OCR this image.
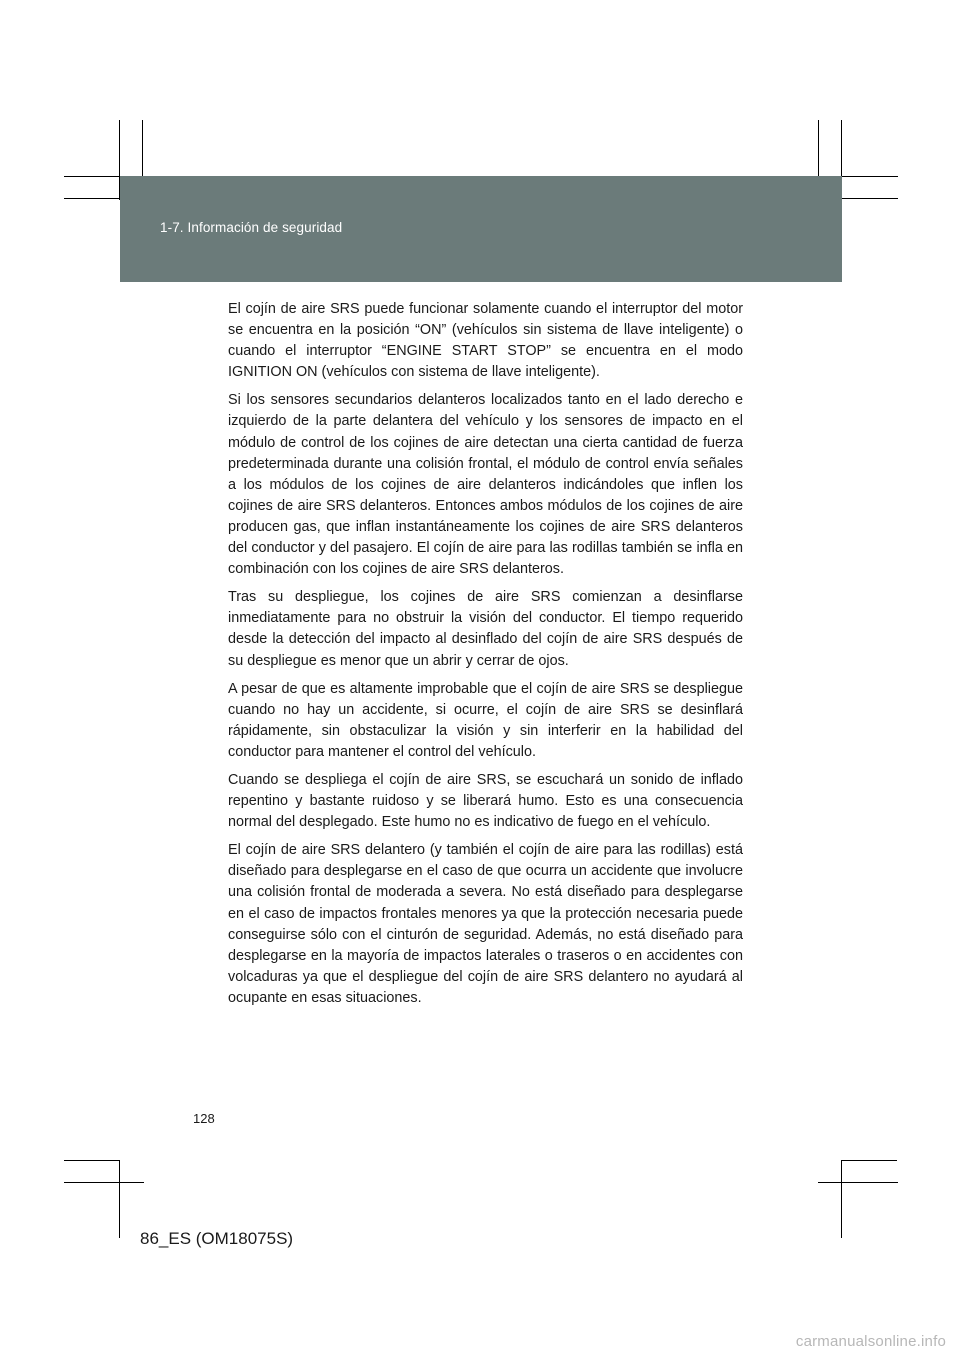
1-7. Información de seguridad

El cojín de aire SRS puede funcionar solamente cuando el interruptor del motor se encuentra en la posición “ON” (vehículos sin sistema de llave inteligente) o cuando el interruptor “ENGINE START STOP” se encuentra en el modo IGNITION ON (vehículos con sistema de llave inteligente).

Si los sensores secundarios delanteros localizados tanto en el lado derecho e izquierdo de la parte delantera del vehículo y los sensores de impacto en el módulo de control de los cojines de aire detectan una cierta cantidad de fuerza predeterminada durante una colisión frontal, el módulo de control envía señales a los módulos de los cojines de aire delanteros indicándoles que inflen los cojines de aire SRS delanteros. Entonces ambos módulos de los cojines de aire producen gas, que inflan instantáneamente los cojines de aire SRS delanteros del conductor y del pasajero. El cojín de aire para las rodillas también se infla en combinación con los cojines de aire SRS delanteros.

Tras su despliegue, los cojines de aire SRS comienzan a desinflarse inmediatamente para no obstruir la visión del conductor. El tiempo requerido desde la detección del impacto al desinflado del cojín de aire SRS después de su despliegue es menor que un abrir y cerrar de ojos.

A pesar de que es altamente improbable que el cojín de aire SRS se despliegue cuando no hay un accidente, si ocurre, el cojín de aire SRS se desinflará rápidamente, sin obstaculizar la visión y sin interferir en la habilidad del conductor para mantener el control del vehículo.

Cuando se despliega el cojín de aire SRS, se escuchará un sonido de inflado repentino y bastante ruidoso y se liberará humo. Esto es una consecuencia normal del desplegado. Este humo no es indicativo de fuego en el vehículo.

El cojín de aire SRS delantero (y también el cojín de aire para las rodillas) está diseñado para desplegarse en el caso de que ocurra un accidente que involucre una colisión frontal de moderada a severa. No está diseñado para desplegarse en el caso de impactos frontales menores ya que la protección necesaria puede conseguirse sólo con el cinturón de seguridad. Además, no está diseñado para desplegarse en la mayoría de impactos laterales o traseros o en accidentes con volcaduras ya que el despliegue del cojín de aire SRS delantero no ayudará al ocupante en esas situaciones.

128
86_ES (OM18075S)
carmanualsonline.info
